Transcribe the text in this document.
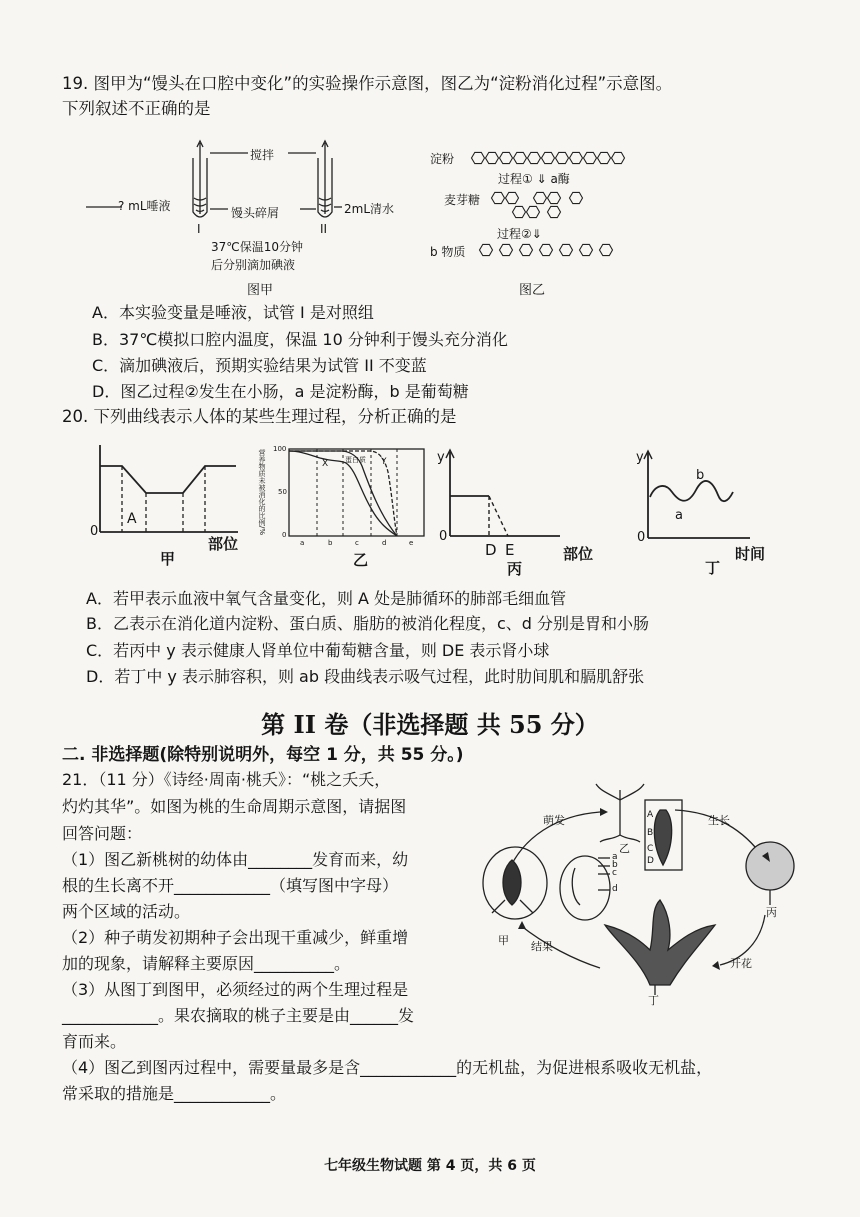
19. 图甲为“馒头在口腔中变化”的实验操作示意图，图乙为“淀粉消化过程”示意图。
下列叙述不正确的是
搅拌
? mL唾液	馒头碎屑	2mL清水
I	II
37℃保温10分钟
后分别滴加碘液
图甲
淀粉
过程① ⇓ a酶
麦芽糖
过程②⇓
b 物质
图乙
A．本实验变量是唾液，试管 I 是对照组
B．37℃模拟口腔内温度，保温 10 分钟利于馒头充分消化
C．滴加碘液后，预期实验结果为试管 II 不变蓝
D．图乙过程②发生在小肠，a 是淀粉酶，b 是葡萄糖
20. 下列曲线表示人体的某些生理过程，分析正确的是
A
0
部位
甲
营养物质未被消化的比例/% 100
50
0
a	b	c	d	e
X 蛋白质 Y
乙
y
0
D E	部位
丙
y
0
a
b
时间
丁
A．若甲表示血液中氧气含量变化，则 A 处是肺循环的肺部毛细血管
B．乙表示在消化道内淀粉、蛋白质、脂肪的被消化程度，c、d 分别是胃和小肠
C．若丙中 y 表示健康人肾单位中葡萄糖含量，则 DE 表示肾小球
D．若丁中 y 表示肺容积，则 ab 段曲线表示吸气过程，此时肋间肌和膈肌舒张
第 II 卷（非选择题 共 55 分）
二. 非选择题(除特别说明外，每空 1 分，共 55 分。)
21．（11 分）《诗经·周南·桃夭》：“桃之夭夭，
灼灼其华”。如图为桃的生命周期示意图，请据图
回答问题：
（1）图乙新桃树的幼体由________发育而来，幼
根的生长离不开____________（填写图中字母）
两个区域的活动。
（2）种子萌发初期种子会出现干重减少，鲜重增
加的现象，请解释主要原因__________。
（3）从图丁到图甲，必须经过的两个生理过程是
____________。果农摘取的桃子主要是由______发
育而来。
（4）图乙到图丙过程中，需要量最多是含____________的无机盐，为促进根系吸收无机盐，
常采取的措施是____________。
萌发	生长
开花
结果
甲
乙
丙
丁
A
B
C
D
a
b
c
d
七年级生物试题 第 4 页，共 6 页
